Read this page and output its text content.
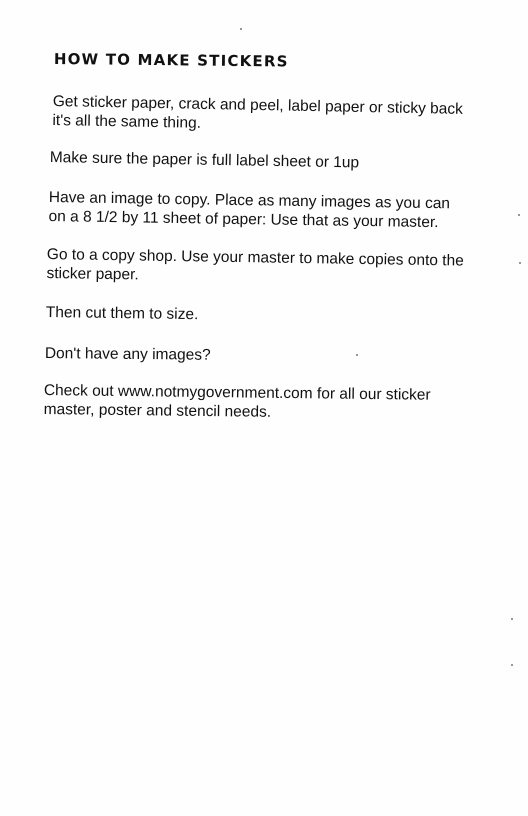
HOW TO MAKE STICKERS
Get sticker paper, crack and peel, label paper or sticky back
it's all the same thing.
Make sure the paper is full label sheet or 1up
Have an image to copy. Place as many images as you can
on a 8 1/2 by 11 sheet of paper: Use that as your master.
Go to a copy shop. Use your master to make copies onto the
sticker paper.
Then cut them to size.
Don't have any images?
Check out www.notmygovernment.com for all our sticker
master, poster and stencil needs.
